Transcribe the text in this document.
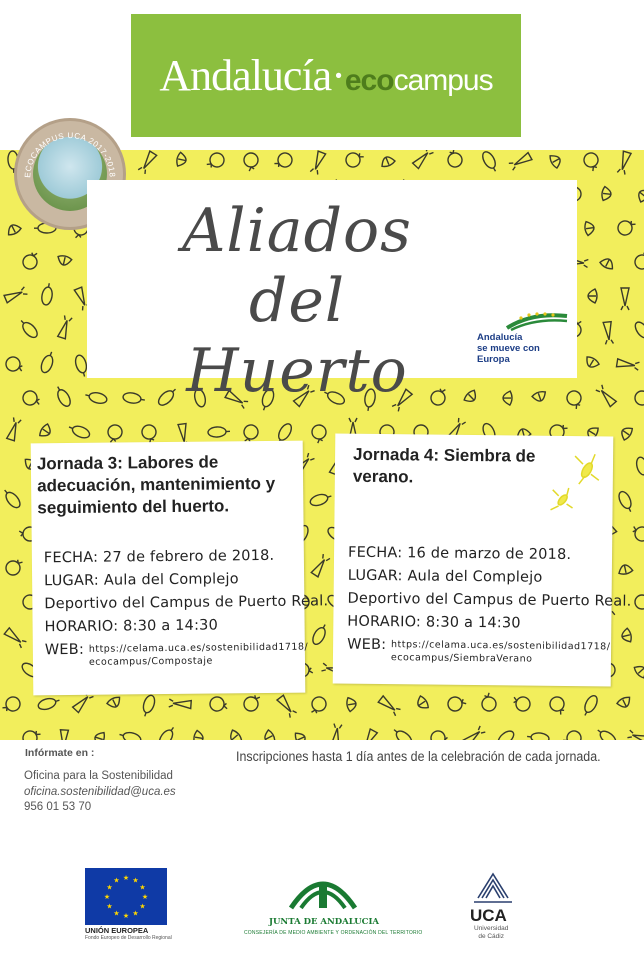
Andalucía·ecocampus
ECOCAMPUS UCA 2017-2018
Aliados del
Huerto	Andalucía
se mueve con Europa
Jornada 3: Labores de adecuación, mantenimiento y seguimiento del huerto.
FECHA: 27 de febrero de 2018.
LUGAR: Aula del Complejo
Deportivo del Campus de Puerto Real.
HORARIO: 8:30 a 14:30
WEB: https://celama.uca.es/sostenibilidad1718/
ecocampus/Compostaje
Jornada 4: Siembra de verano.
FECHA: 16 de marzo de 2018.
LUGAR: Aula del Complejo
Deportivo del Campus de Puerto Real.
HORARIO: 8:30 a 14:30
WEB: https://celama.uca.es/sostenibilidad1718/
ecocampus/SiembraVerano
Infórmate en :	Inscripciones hasta 1 día antes de la celebración de cada jornada.
Oficina para la Sostenibilidad
oficina.sostenibilidad@uca.es
956 01 53 70
★
★
★
★
★
★
★
★
★ ★ ★
★
UNIÓN EUROPEA
Fondo Europeo de Desarrollo Regional
JUNTA DE ANDALUCIA
CONSEJERÍA DE MEDIO AMBIENTE Y ORDENACIÓN DEL TERRITORIO
UCA
Universidad
de Cádiz
